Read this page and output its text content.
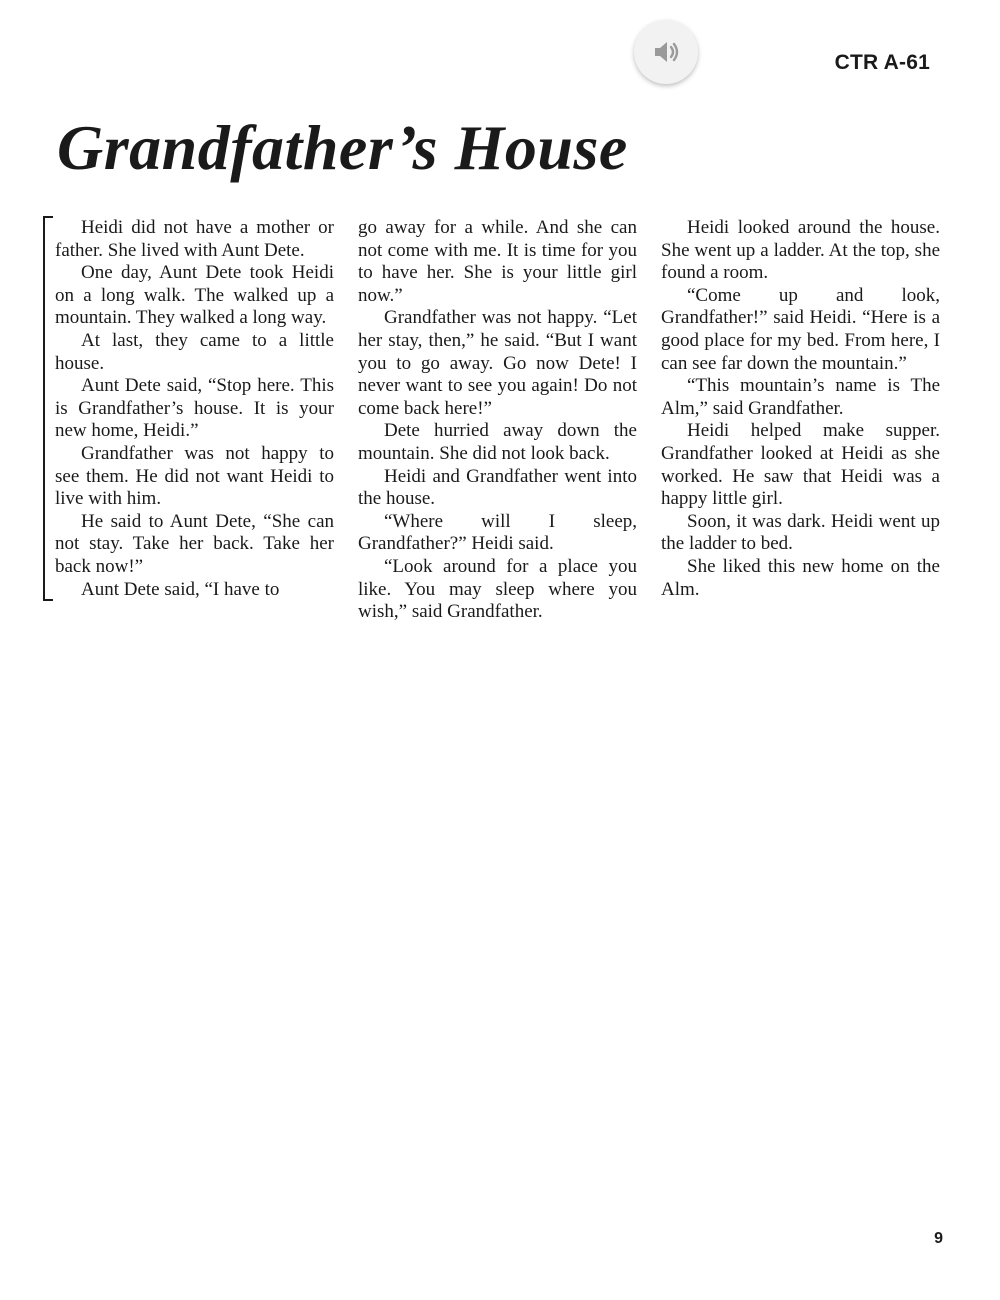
CTR A-61
Grandfather’s House

Heidi did not have a mother or father. She lived with Aunt Dete.

One day, Aunt Dete took Heidi on a long walk. The walked up a mountain. They walked a long way.

At last, they came to a little house.

Aunt Dete said, “Stop here. This is Grandfather’s house. It is your new home, Heidi.”

Grandfather was not happy to see them. He did not want Heidi to live with him.

He said to Aunt Dete, “She can not stay. Take her back. Take her back now!”

Aunt Dete said, “I have to

go away for a while. And she can not come with me. It is time for you to have her. She is your little girl now.”

Grandfather was not happy. “Let her stay, then,” he said. “But I want you to go away. Go now Dete! I never want to see you again! Do not come back here!”

Dete hurried away down the mountain. She did not look back.

Heidi and Grandfather went into the house.

“Where will I sleep, Grandfather?” Heidi said.

“Look around for a place you like. You may sleep where you wish,” said Grandfather.

Heidi looked around the house. She went up a ladder. At the top, she found a room.

“Come up and look, Grandfather!” said Heidi. “Here is a good place for my bed. From here, I can see far down the mountain.”

“This mountain’s name is The Alm,” said Grandfather.

Heidi helped make supper. Grandfather looked at Heidi as she worked. He saw that Heidi was a happy little girl.

Soon, it was dark. Heidi went up the ladder to bed.

She liked this new home on the Alm.

9
